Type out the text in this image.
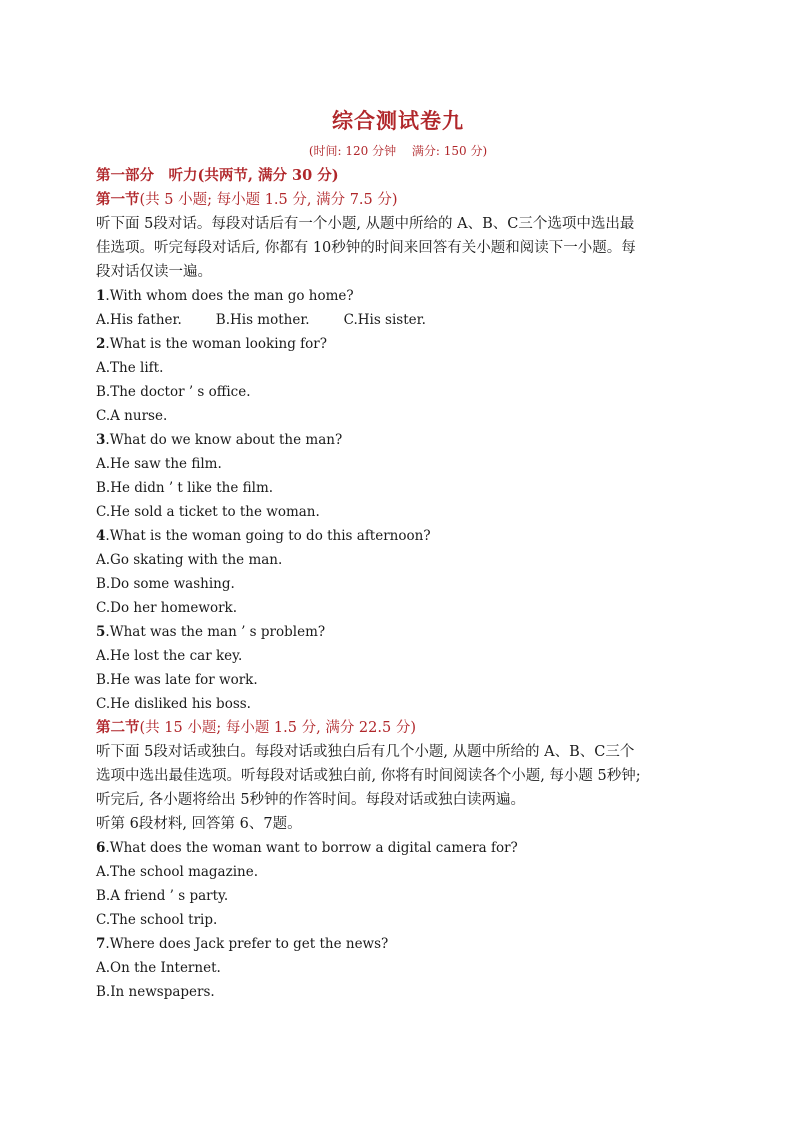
综合测试卷九
(时间: 120 分钟　 满分: 150 分)
第一部分　听力(共两节, 满分 30 分)
第一节(共 5 小题; 每小题 1.5 分, 满分 7.5 分)
听下面 5段对话。每段对话后有一个小题, 从题中所给的 A、B、C三个选项中选出最
佳选项。听完每段对话后, 你都有 10秒钟的时间来回答有关小题和阅读下一小题。每
段对话仅读一遍。
1.With whom does the man go home?
A.His father.	B.His mother.	C.His sister.
2.What is the woman looking for?
A.The lift.
B.The doctor ’ s office.
C.A nurse.
3.What do we know about the man?
A.He saw the film.
B.He didn ’ t like the film.
C.He sold a ticket to the woman.
4.What is the woman going to do this afternoon?
A.Go skating with the man.
B.Do some washing.
C.Do her homework.
5.What was the man ’ s problem?
A.He lost the car key.
B.He was late for work.
C.He disliked his boss.
第二节(共 15 小题; 每小题 1.5 分, 满分 22.5 分)
听下面 5段对话或独白。每段对话或独白后有几个小题, 从题中所给的 A、B、C三个
选项中选出最佳选项。听每段对话或独白前, 你将有时间阅读各个小题, 每小题 5秒钟;
听完后, 各小题将给出 5秒钟的作答时间。每段对话或独白读两遍。
听第 6段材料, 回答第 6、7题。
6.What does the woman want to borrow a digital camera for?
A.The school magazine.
B.A friend ’ s party.
C.The school trip.
7.Where does Jack prefer to get the news?
A.On the Internet.
B.In newspapers.
